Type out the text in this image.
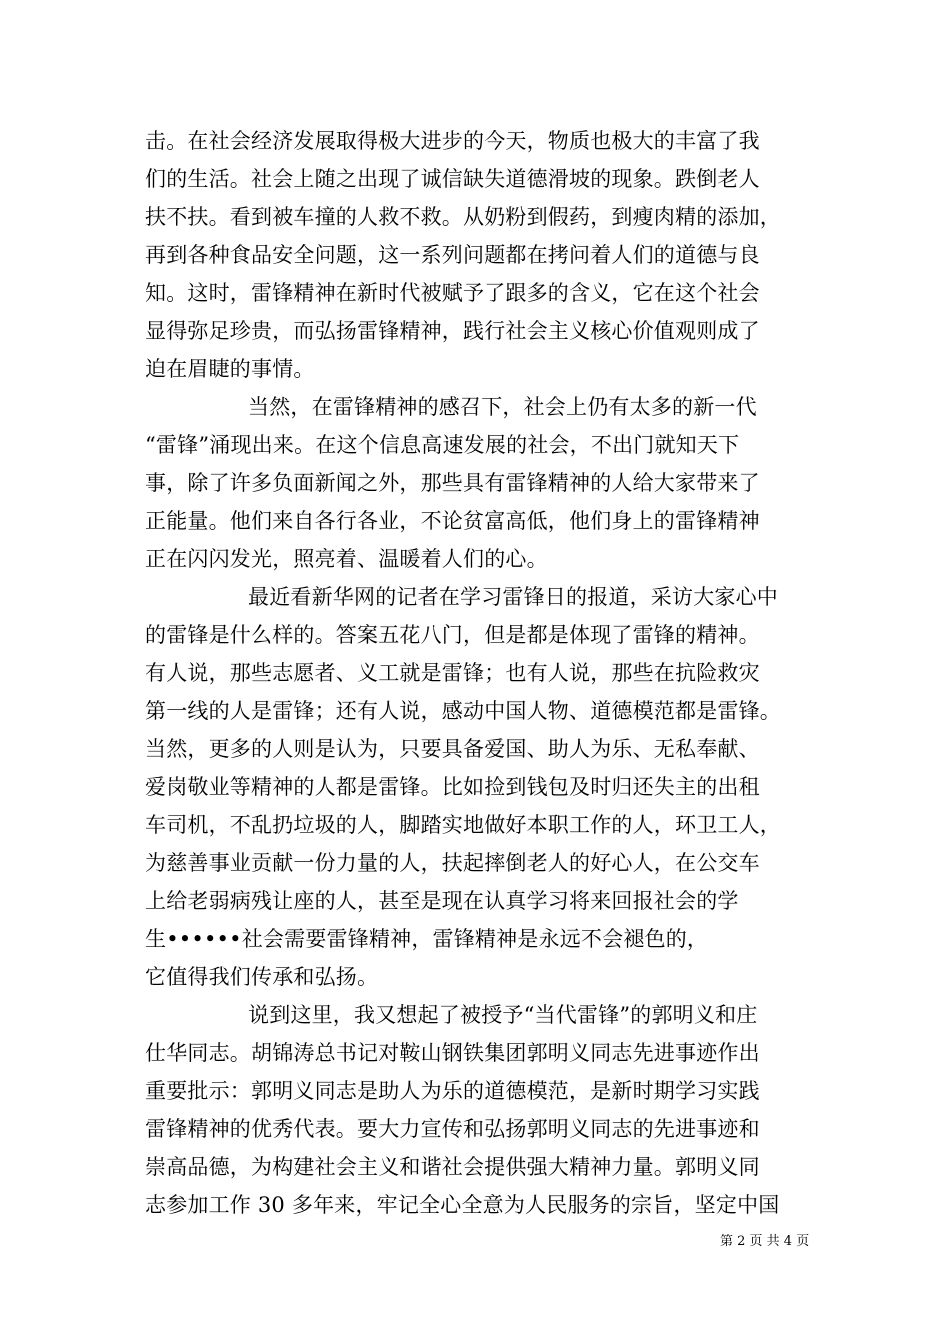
击。在社会经济发展取得极大进步的今天，物质也极大的丰富了我
们的生活。社会上随之出现了诚信缺失道德滑坡的现象。跌倒老人
扶不扶。看到被车撞的人救不救。从奶粉到假药，到瘦肉精的添加，
再到各种食品安全问题，这一系列问题都在拷问着人们的道德与良
知。这时，雷锋精神在新时代被赋予了跟多的含义，它在这个社会
显得弥足珍贵，而弘扬雷锋精神，践行社会主义核心价值观则成了
迫在眉睫的事情。
当然，在雷锋精神的感召下，社会上仍有太多的新一代
“雷锋”涌现出来。在这个信息高速发展的社会，不出门就知天下
事，除了许多负面新闻之外，那些具有雷锋精神的人给大家带来了
正能量。他们来自各行各业，不论贫富高低，他们身上的雷锋精神
正在闪闪发光，照亮着、温暖着人们的心。
最近看新华网的记者在学习雷锋日的报道，采访大家心中
的雷锋是什么样的。答案五花八门，但是都是体现了雷锋的精神。
有人说，那些志愿者、义工就是雷锋；也有人说，那些在抗险救灾
第一线的人是雷锋；还有人说，感动中国人物、道德模范都是雷锋。
当然，更多的人则是认为，只要具备爱国、助人为乐、无私奉献、
爱岗敬业等精神的人都是雷锋。比如捡到钱包及时归还失主的出租
车司机，不乱扔垃圾的人，脚踏实地做好本职工作的人，环卫工人，
为慈善事业贡献一份力量的人，扶起摔倒老人的好心人，在公交车
上给老弱病残让座的人，甚至是现在认真学习将来回报社会的学
生••••••社会需要雷锋精神，雷锋精神是永远不会褪色的，
它值得我们传承和弘扬。
说到这里，我又想起了被授予“当代雷锋”的郭明义和庄
仕华同志。胡锦涛总书记对鞍山钢铁集团郭明义同志先进事迹作出
重要批示：郭明义同志是助人为乐的道德模范，是新时期学习实践
雷锋精神的优秀代表。要大力宣传和弘扬郭明义同志的先进事迹和
崇高品德，为构建社会主义和谐社会提供强大精神力量。郭明义同
志参加工作 30 多年来，牢记全心全意为人民服务的宗旨，坚定中国
第 2 页 共 4 页
